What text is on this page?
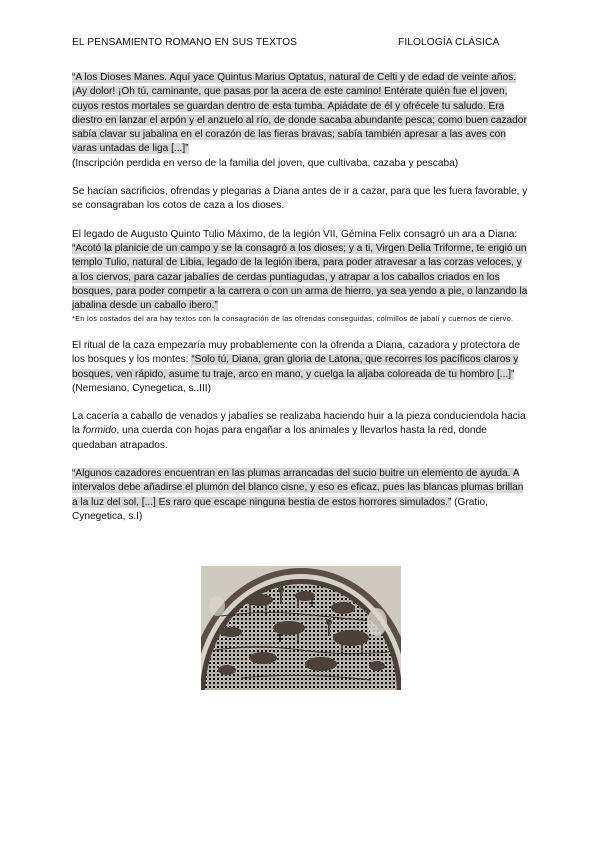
EL PENSAMIENTO ROMANO EN SUS TEXTOS	FILOLOGÍA CLÁSICA

“A los Dioses Manes. Aquí yace Quintus Marius Optatus, natural de Celti y de edad de veinte años. ¡Ay dolor! ¡Oh tú, caminante, que pasas por la acera de este camino! Entérate quién fue el joven, cuyos restos mortales se guardan dentro de esta tumba. Apiádate de él y ofrécele tu saludo. Era diestro en lanzar el arpón y el anzuelo al río, de donde sacaba abundante pesca; como buen cazador sabía clavar su jabalina en el corazón de las fieras bravas; sabía también apresar a las aves con varas untadas de liga [...]”
(Inscripción perdida en verso de la familia del joven, que cultivaba, cazaba y pescaba)

Se hacían sacrificios, ofrendas y plegarias a Diana antes de ir a cazar, para que les fuera favorable, y se consagraban los cotos de caza a los dioses.

El legado de Augusto Quinto Tulio Máximo, de la legión VII, Gémina Felix consagró un ara a Diana: “Acotó la planicie de un campo y se la consagró a los dioses; y a ti, Virgen Delia Triforme, te erigió un templo Tulio, natural de Libia, legado de la legión ibera, para poder atravesar a las corzas veloces, y a los ciervos, para cazar jabalíes de cerdas puntiagudas, y atrapar a los caballos criados en los bosques, para poder competir a la carrera o con un arma de hierro, ya sea yendo a pie, o lanzando la jabalina desde un caballo ibero.”

*En los costados del ara hay textos con la consagración de las ofrendas conseguidas, colmillos de jabalí y cuernos de ciervo.

El ritual de la caza empezaría muy probablemente con la ofrenda a Diana, cazadora y protectora de los bosques y los montes: “Solo tú, Diana, gran gloria de Latona, que recorres los pacíficos claros y bosques, ven rápido, asume tu traje, arco en mano, y cuelga la aljaba coloreada de tu hombro [...]” (Nemesiano, Cynegetica, s..III)

La cacería a caballo de venados y jabalíes se realizaba haciendo huir a la pieza conduciendola hacia la formido, una cuerda con hojas para engañar a los animales y llevarlos hasta la red, donde quedaban atrapados.

“Algunos cazadores encuentran en las plumas arrancadas del sucio buitre un elemento de ayuda. A intervalos debe añadirse el plumón del blanco cisne, y eso es eficaz, pues las blancas plumas brillan a la luz del sol, [...] Es raro que escape ninguna bestia de estos horrores simulados.” (Gratio, Cynegetica, s.I)
